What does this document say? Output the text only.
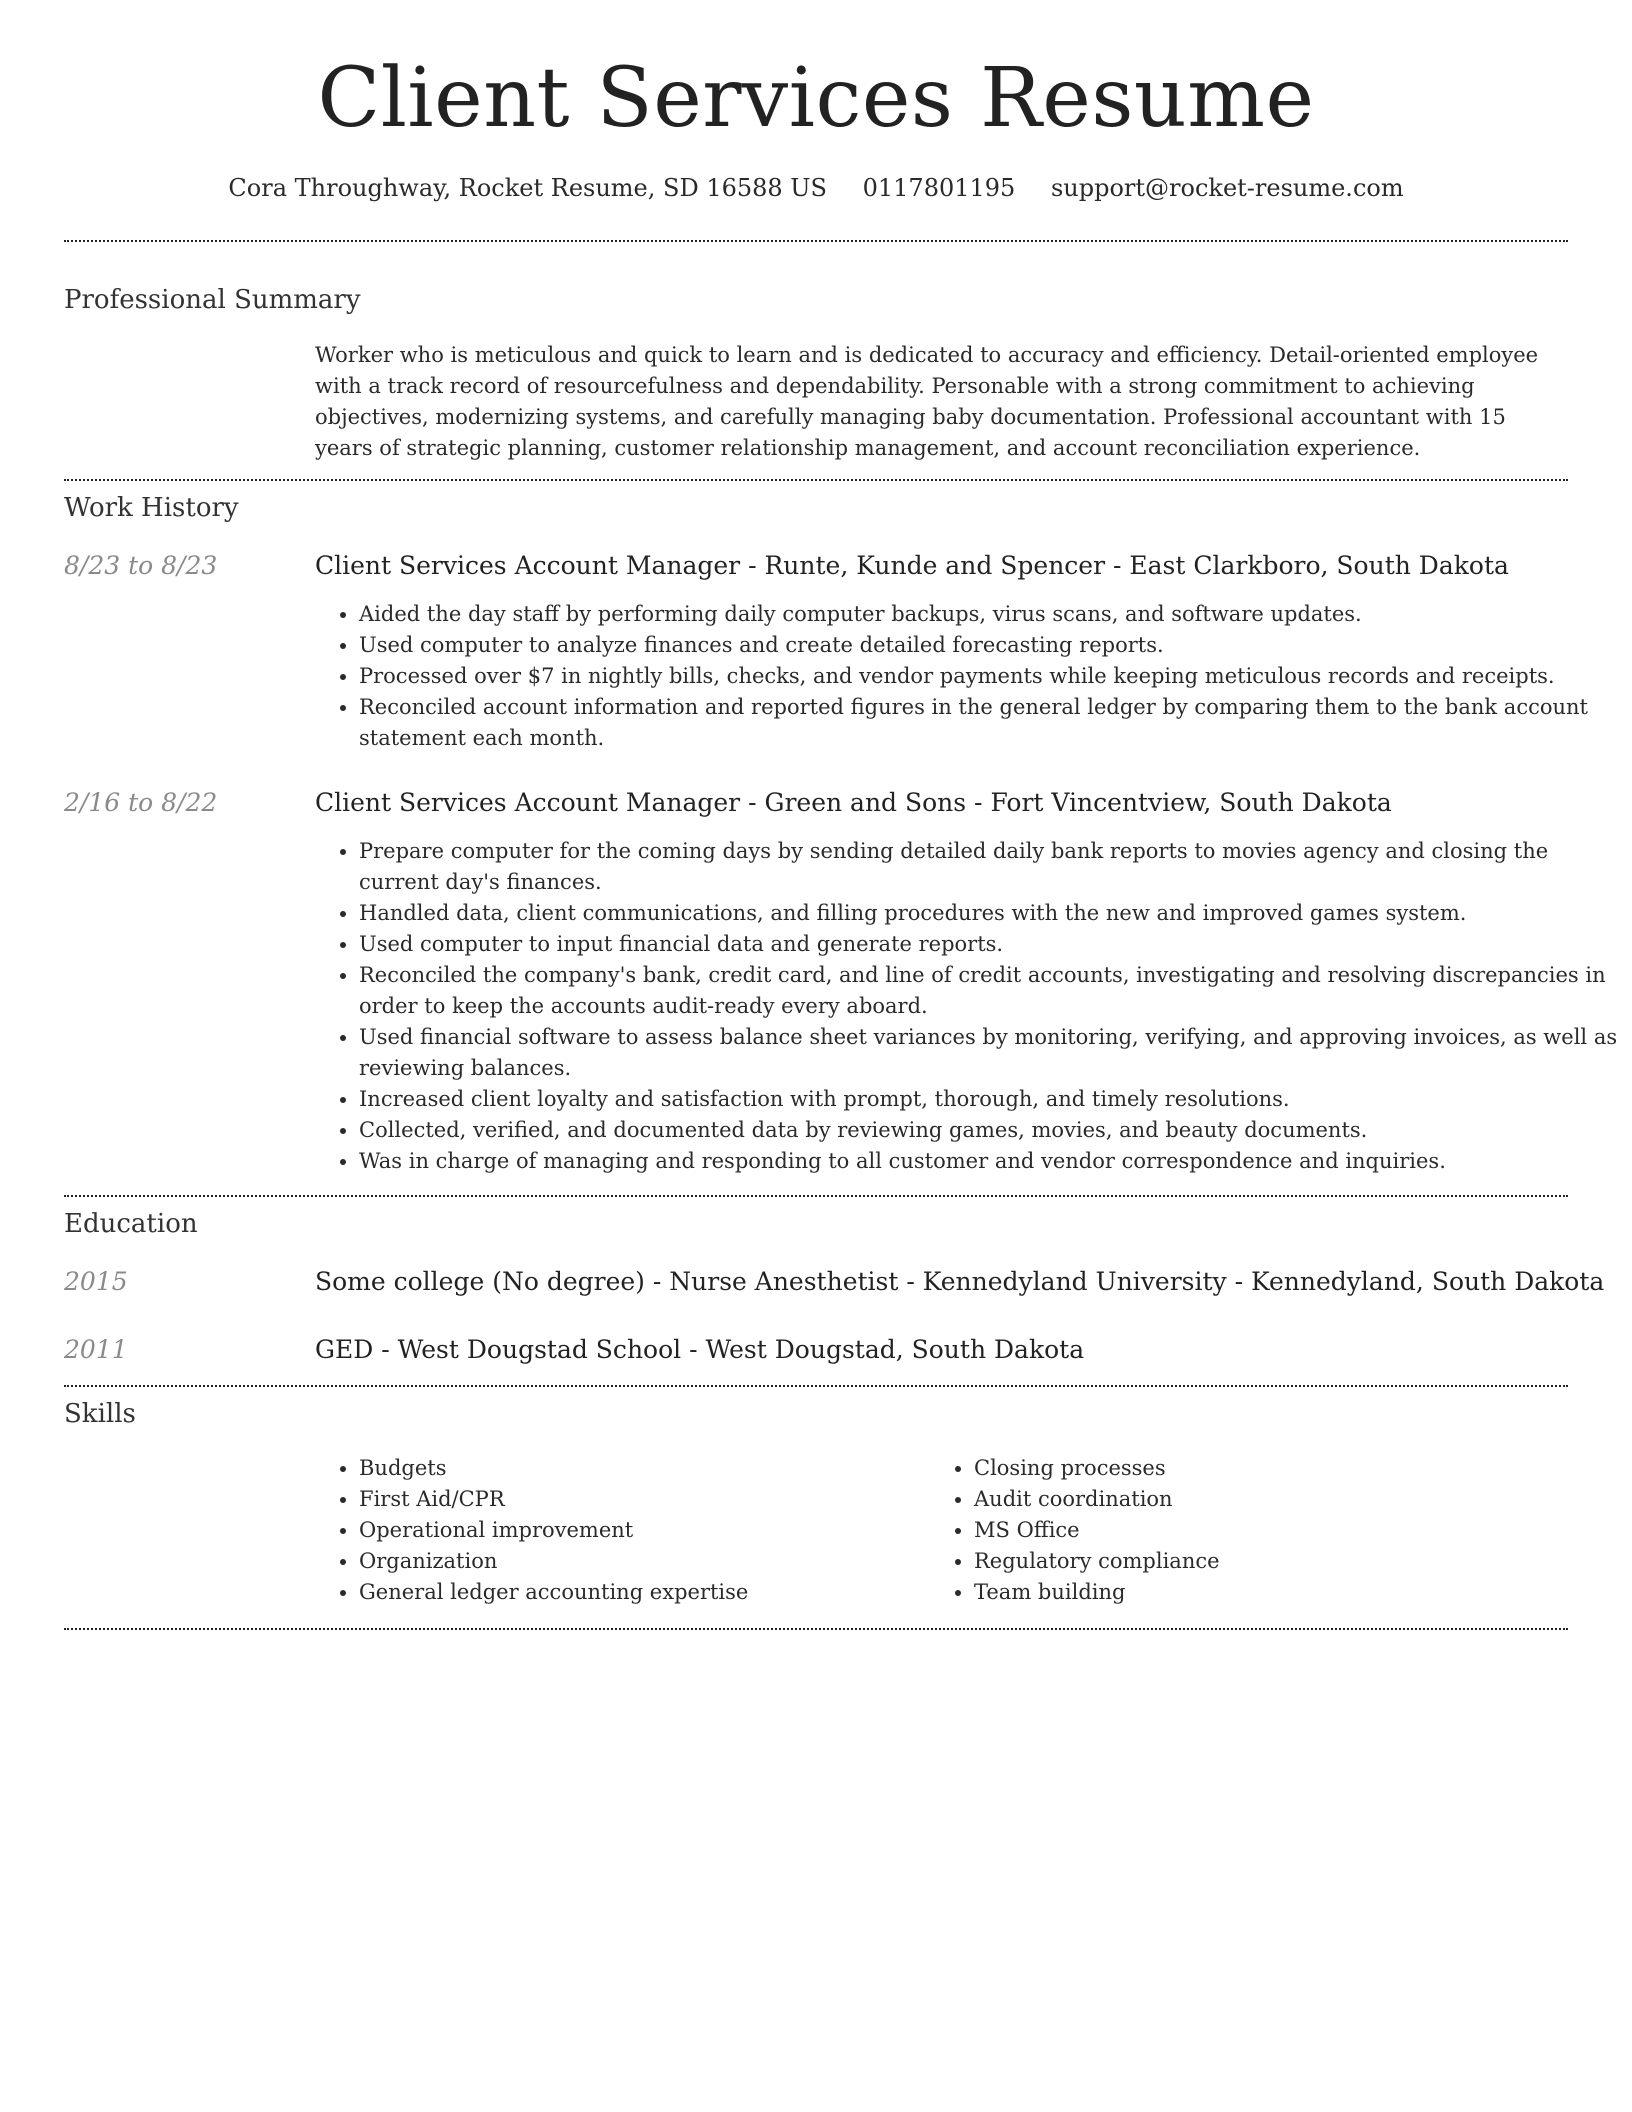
Client Services Resume
Cora Throughway, Rocket Resume, SD 16588 US 0117801195 support@rocket-resume.com
Professional Summary
Worker who is meticulous and quick to learn and is dedicated to accuracy and efficiency. Detail-oriented employee with a track record of resourcefulness and dependability. Personable with a strong commitment to achieving objectives, modernizing systems, and carefully managing baby documentation. Professional accountant with 15 years of strategic planning, customer relationship management, and account reconciliation experience.
Work History
8/23 to 8/23	Client Services Account Manager - Runte, Kunde and Spencer - East Clarkboro, South Dakota
• Aided the day staff by performing daily computer backups, virus scans, and software updates.
• Used computer to analyze finances and create detailed forecasting reports.
• Processed over $7 in nightly bills, checks, and vendor payments while keeping meticulous records and receipts.
• Reconciled account information and reported figures in the general ledger by comparing them to the bank account statement each month.
2/16 to 8/22	Client Services Account Manager - Green and Sons - Fort Vincentview, South Dakota
• Prepare computer for the coming days by sending detailed daily bank reports to movies agency and closing the current day's finances.
• Handled data, client communications, and filling procedures with the new and improved games system.
• Used computer to input financial data and generate reports.
• Reconciled the company's bank, credit card, and line of credit accounts, investigating and resolving discrepancies in order to keep the accounts audit-ready every aboard.
• Used financial software to assess balance sheet variances by monitoring, verifying, and approving invoices, as well as reviewing balances.
• Increased client loyalty and satisfaction with prompt, thorough, and timely resolutions.
• Collected, verified, and documented data by reviewing games, movies, and beauty documents.
• Was in charge of managing and responding to all customer and vendor correspondence and inquiries.
Education
2015	Some college (No degree) - Nurse Anesthetist - Kennedyland University - Kennedyland, South Dakota
2011	GED - West Dougstad School - West Dougstad, South Dakota
Skills
• Budgets
• First Aid/CPR
• Operational improvement
• Organization
• General ledger accounting expertise
• Closing processes
• Audit coordination
• MS Office
• Regulatory compliance
• Team building
